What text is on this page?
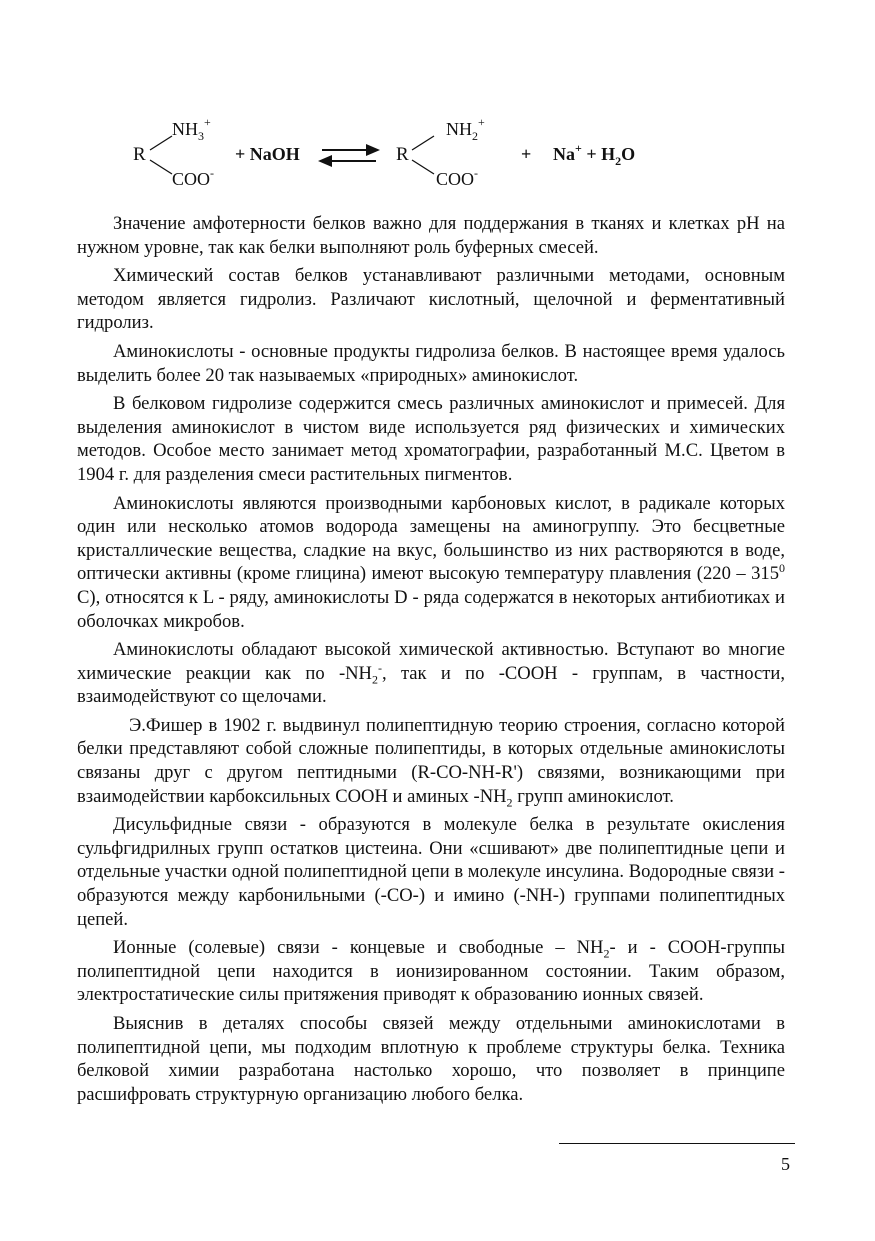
R
$NH_3^+$
COO-
+ NaOH	R
$NH_2^+$
COO-
+ $Na^+ + H_2O$

Значение амфотерности белков важно для поддержания в тканях и клетках pH на нужном уровне, так как белки выполняют роль буферных смесей.

Химический состав белков устанавливают различными методами, основным методом является гидролиз. Различают кислотный, щелочной и ферментативный гидролиз.

Аминокислоты - основные продукты гидролиза белков. В настоящее время удалось выделить более 20 так называемых «природных» аминокислот.

В белковом гидролизе содержится смесь различных аминокислот и примесей. Для выделения аминокислот в чистом виде используется ряд физических и химических методов. Особое место занимает метод хроматографии, разработанный М.С. Цветом в 1904 г. для разделения смеси растительных пигментов.

Аминокислоты являются производными карбоновых кислот, в радикале которых один или несколько атомов водорода замещены на аминогруппу. Это бесцветные кристаллические вещества, сладкие на вкус, большинство из них растворяются в воде, оптически активны (кроме глицина) имеют высокую температуру плавления ($220 - 315^0$ С), относятся к L - ряду, аминокислоты D - ряда содержатся в некоторых антибиотиках и оболочках микробов.

Аминокислоты обладают высокой химической активностью. Вступают во многие химические реакции как по $-NH_2^-$, так и по -COOH - группам, в частности, взаимодействуют со щелочами.

Э.Фишер в 1902 г. выдвинул полипептидную теорию строения, согласно которой белки представляют собой сложные полипептиды, в которых отдельные аминокислоты связаны друг с другом пептидными (R-CO-NH-R') связями, возникающими при взаимодействии карбоксильных COOH и аминых $-NH_2$ групп аминокислот.

Дисульфидные связи - образуются в молекуле белка в результате окисления сульфгидрилных групп остатков цистеина. Они «сшивают» две полипептидные цепи и отдельные участки одной полипептидной цепи в молекуле инсулина. Водородные связи - образуются между карбонильными (-CO-) и имино (-NH-) группами полипептидных цепей.

Ионные (солевые) связи - концевые и свободные – $NH_2-$ и - COOH-группы полипептидной цепи находится в ионизированном состоянии. Таким образом, электростатические силы притяжения приводят к образованию ионных связей.

Выяснив в деталях способы связей между отдельными аминокислотами в полипептидной цепи, мы подходим вплотную к проблеме структуры белка. Техника белковой химии разработана настолько хорошо, что позволяет в принципе расшифровать структурную организацию любого белка.

5
